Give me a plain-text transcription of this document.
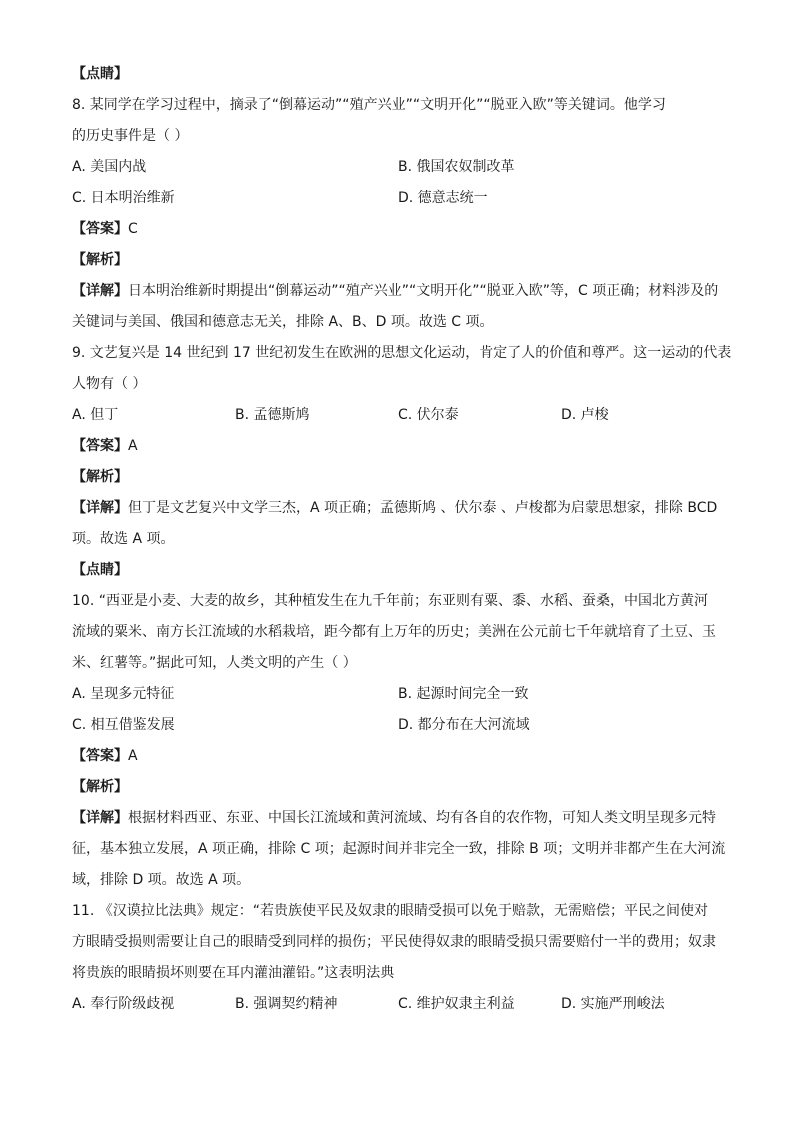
【点睛】
8. 某同学在学习过程中，摘录了“倒幕运动”“殖产兴业”“文明开化”“脱亚入欧”等关键词。他学习
的历史事件是（ ）
A. 美国内战	B. 俄国农奴制改革
C. 日本明治维新	D. 德意志统一
【答案】C
【解析】
【详解】日本明治维新时期提出“倒幕运动”“殖产兴业”“文明开化”“脱亚入欧”等，C 项正确；材料涉及的
关键词与美国、俄国和德意志无关，排除 A、B、D 项。故选 C 项。
9. 文艺复兴是 14 世纪到 17 世纪初发生在欧洲的思想文化运动，肯定了人的价值和尊严。这一运动的代表
人物有（ ）
A. 但丁	B. 孟德斯鸠	C. 伏尔泰	D. 卢梭
【答案】A
【解析】
【详解】但丁是文艺复兴中文学三杰，A 项正确；孟德斯鸠 、伏尔泰 、卢梭都为启蒙思想家，排除 BCD
项。故选 A 项。
【点睛】
10. “西亚是小麦、大麦的故乡，其种植发生在九千年前；东亚则有粟、黍、水稻、蚕桑，中国北方黄河
流域的粟米、南方长江流域的水稻栽培，距今都有上万年的历史；美洲在公元前七千年就培育了土豆、玉
米、红薯等。”据此可知，人类文明的产生（ ）
A. 呈现多元特征	B. 起源时间完全一致
C. 相互借鉴发展	D. 都分布在大河流域
【答案】A
【解析】
【详解】根据材料西亚、东亚、中国长江流域和黄河流域、均有各自的农作物，可知人类文明呈现多元特
征，基本独立发展，A 项正确，排除 C 项；起源时间并非完全一致，排除 B 项；文明并非都产生在大河流
域，排除 D 项。故选 A 项。
11. 《汉谟拉比法典》规定：“若贵族使平民及奴隶的眼睛受损可以免于赔款，无需赔偿；平民之间使对
方眼睛受损则需要让自己的眼睛受到同样的损伤；平民使得奴隶的眼睛受损只需要赔付一半的费用；奴隶
将贵族的眼睛损坏则要在耳内灌油灌铅。”这表明法典
A. 奉行阶级歧视	B. 强调契约精神	C. 维护奴隶主利益	D. 实施严刑峻法
